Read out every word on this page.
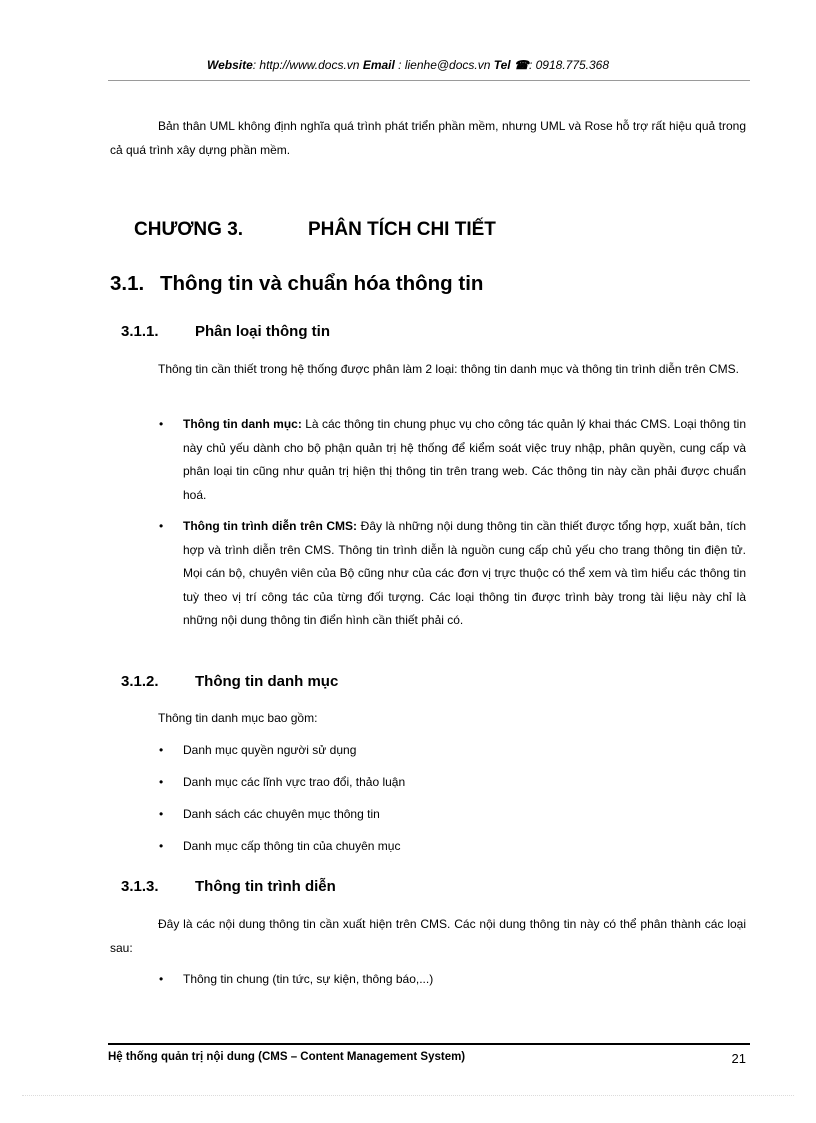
Website: http://www.docs.vn Email : lienhe@docs.vn Tel ☎: 0918.775.368
Bản thân UML không định nghĩa quá trình phát triển phần mềm, nhưng UML và Rose hỗ trợ rất hiệu quả trong cả quá trình xây dựng phần mềm.
CHƯƠNG 3.	PHÂN TÍCH CHI TIẾT
3.1. Thông tin và chuẩn hóa thông tin
3.1.1. Phân loại thông tin
Thông tin cần thiết trong hệ thống được phân làm 2 loại: thông tin danh mục và thông tin trình diễn trên CMS.
• Thông tin danh mục: Là các thông tin chung phục vụ cho công tác quản lý khai thác CMS. Loại thông tin này chủ yếu dành cho bộ phận quản trị hệ thống để kiểm soát việc truy nhập, phân quyền, cung cấp và phân loại tin cũng như quản trị hiện thị thông tin trên trang web. Các thông tin này cần phải được chuẩn hoá.
• Thông tin trình diễn trên CMS: Đây là những nội dung thông tin cần thiết được tổng hợp, xuất bản, tích hợp và trình diễn trên CMS. Thông tin trình diễn là nguồn cung cấp chủ yếu cho trang thông tin điện tử. Mọi cán bộ, chuyên viên của Bộ cũng như của các đơn vị trực thuộc có thể xem và tìm hiểu các thông tin tuỳ theo vị trí công tác của từng đối tượng. Các loại thông tin được trình bày trong tài liệu này chỉ là những nội dung thông tin điển hình cần thiết phải có.
3.1.2. Thông tin danh mục
Thông tin danh mục bao gồm:
• Danh mục quyền người sử dụng
• Danh mục các lĩnh vực trao đổi, thảo luận
• Danh sách các chuyên mục thông tin
• Danh mục cấp thông tin của chuyên mục
3.1.3. Thông tin trình diễn
Đây là các nội dung thông tin cần xuất hiện trên CMS. Các nội dung thông tin này có thể phân thành các loại sau:
• Thông tin chung (tin tức, sự kiện, thông báo,...)
Hệ thống quản trị nội dung (CMS – Content Management System)	21
